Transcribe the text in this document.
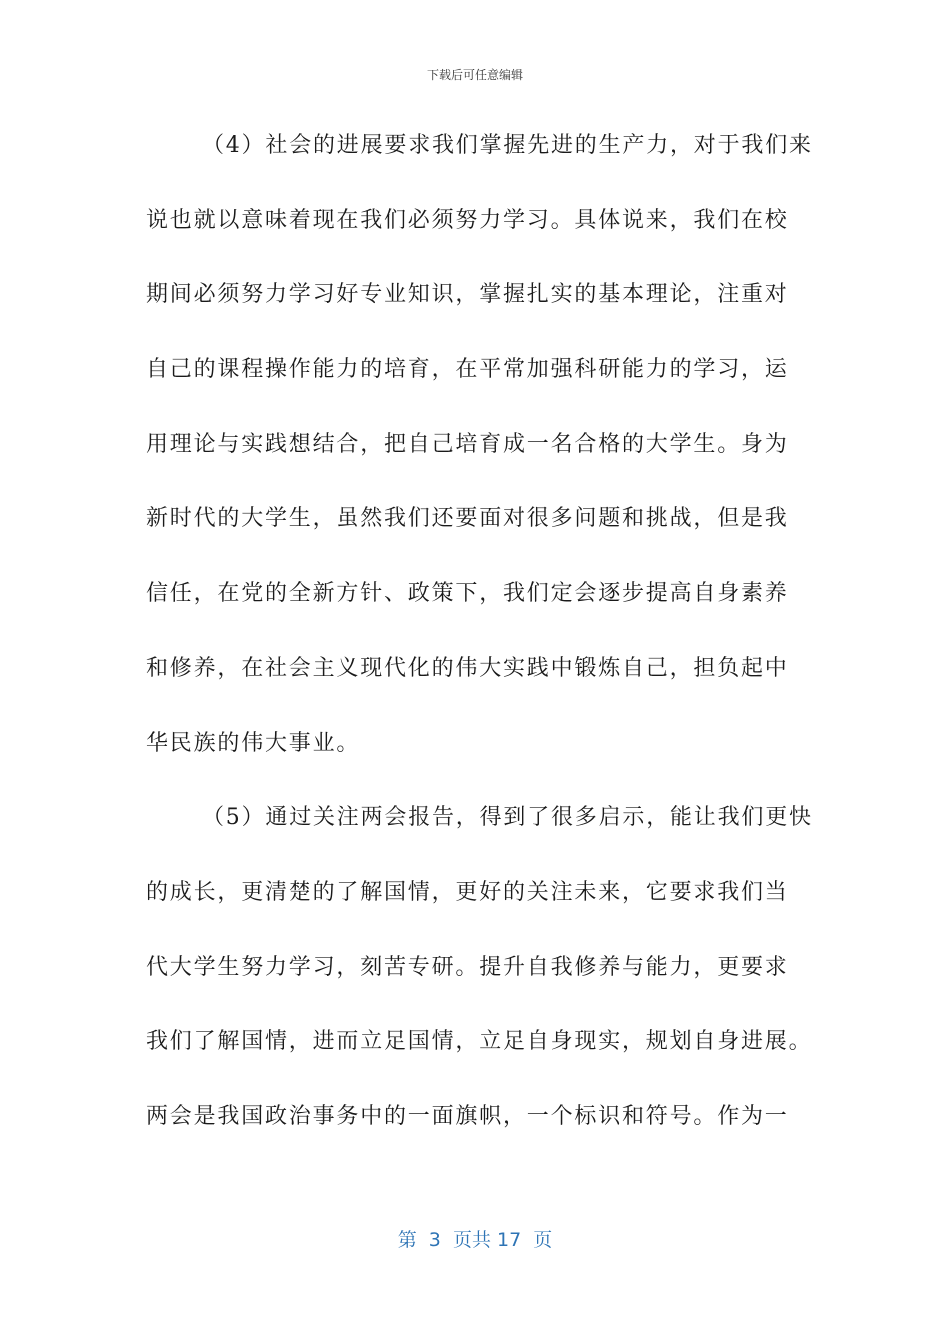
下载后可任意编辑
（4）社会的进展要求我们掌握先进的生产力，对于我们来
说也就以意味着现在我们必须努力学习。具体说来，我们在校
期间必须努力学习好专业知识，掌握扎实的基本理论，注重对
自己的课程操作能力的培育，在平常加强科研能力的学习，运
用理论与实践想结合，把自己培育成一名合格的大学生。身为
新时代的大学生，虽然我们还要面对很多问题和挑战，但是我
信任，在党的全新方针、政策下，我们定会逐步提高自身素养
和修养，在社会主义现代化的伟大实践中锻炼自己，担负起中
华民族的伟大事业。
（5）通过关注两会报告，得到了很多启示，能让我们更快
的成长，更清楚的了解国情，更好的关注未来，它要求我们当
代大学生努力学习，刻苦专研。提升自我修养与能力，更要求
我们了解国情，进而立足国情，立足自身现实，规划自身进展。
两会是我国政治事务中的一面旗帜，一个标识和符号。作为一
第  3  页共 17  页
